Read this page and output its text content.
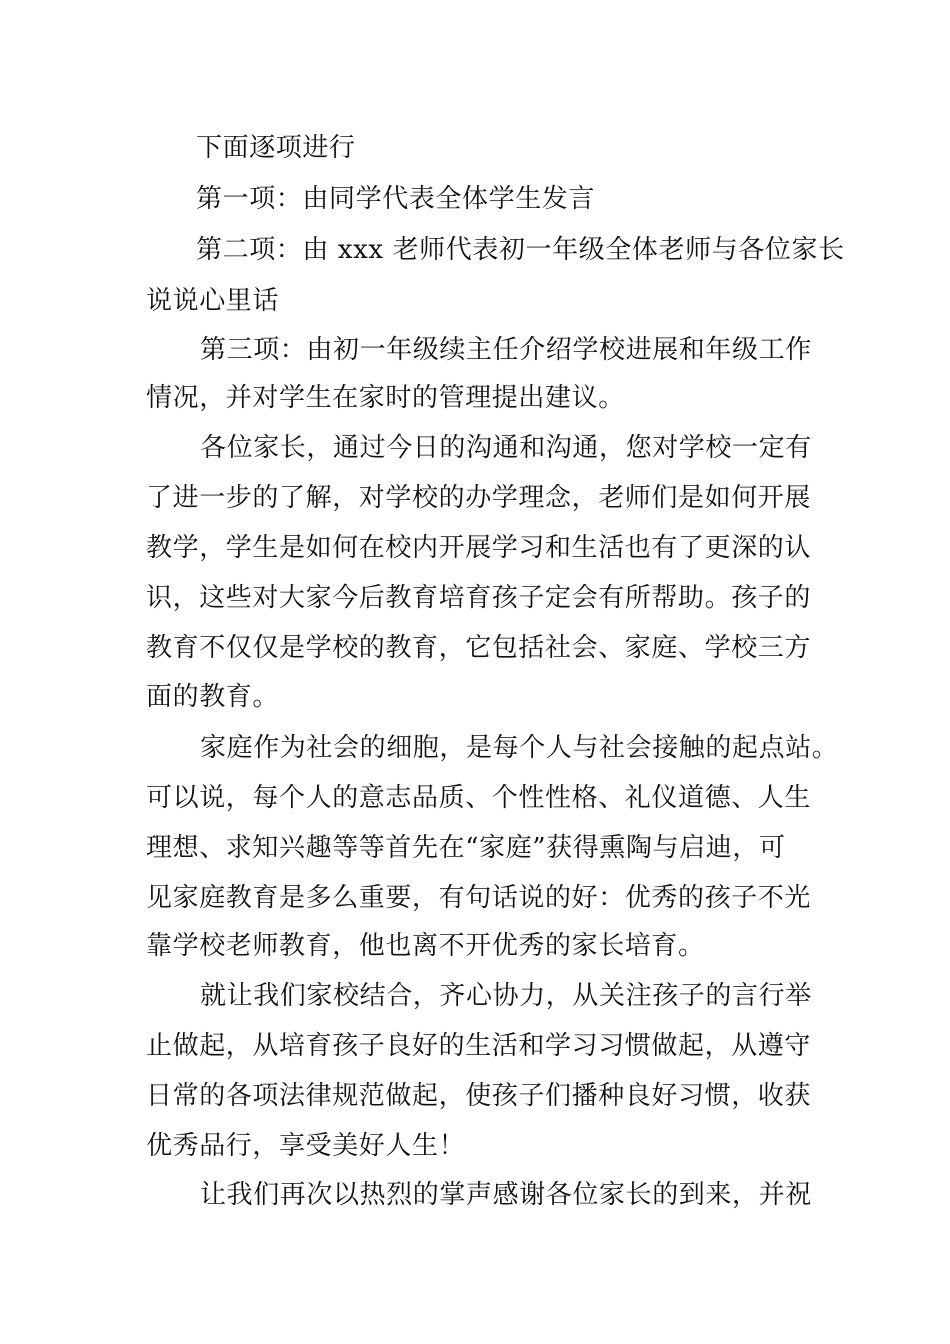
下面逐项进行
第一项：由同学代表全体学生发言
第二项：由 xxx 老师代表初一年级全体老师与各位家长
说说心里话
第三项：由初一年级续主任介绍学校进展和年级工作
情况，并对学生在家时的管理提出建议。
各位家长，通过今日的沟通和沟通，您对学校一定有
了进一步的了解，对学校的办学理念，老师们是如何开展
教学，学生是如何在校内开展学习和生活也有了更深的认
识，这些对大家今后教育培育孩子定会有所帮助。孩子的
教育不仅仅是学校的教育，它包括社会、家庭、学校三方
面的教育。
家庭作为社会的细胞，是每个人与社会接触的起点站。
可以说，每个人的意志品质、个性性格、礼仪道德、人生
理想、求知兴趣等等首先在“家庭”获得熏陶与启迪，可
见家庭教育是多么重要，有句话说的好：优秀的孩子不光
靠学校老师教育，他也离不开优秀的家长培育。
就让我们家校结合，齐心协力，从关注孩子的言行举
止做起，从培育孩子良好的生活和学习习惯做起，从遵守
日常的各项法律规范做起，使孩子们播种良好习惯，收获
优秀品行，享受美好人生！
让我们再次以热烈的掌声感谢各位家长的到来，并祝
